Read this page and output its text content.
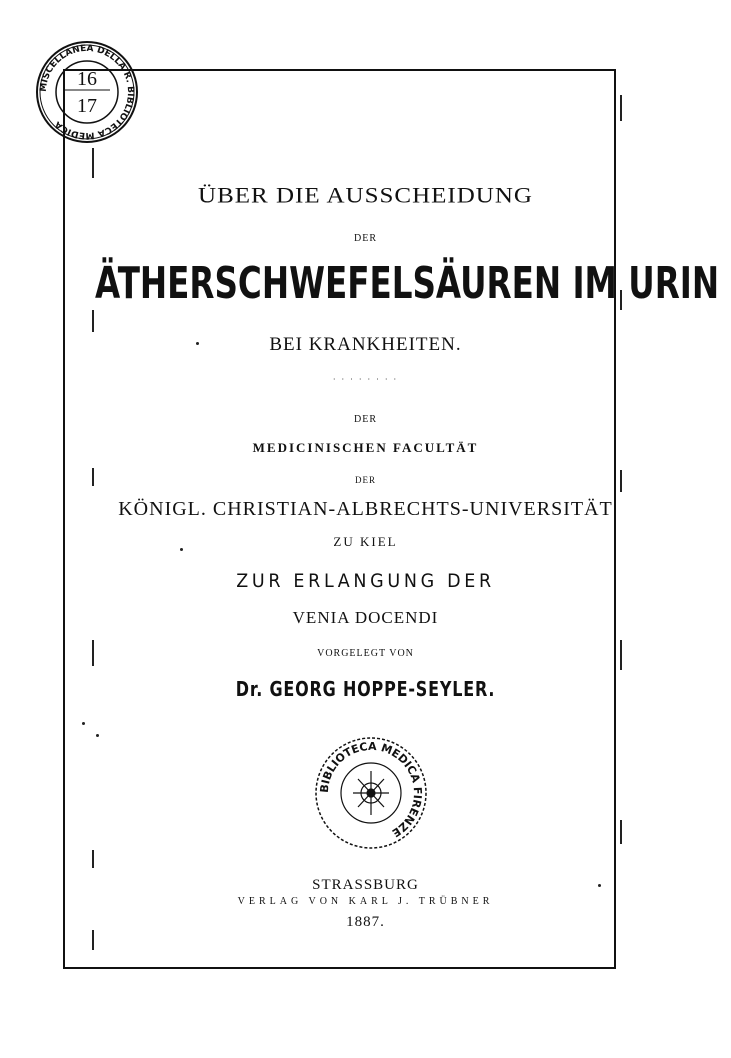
MISCELLANEA DELLA R. BIBLIOTECA MEDICA
16
17
ÜBER DIE AUSSCHEIDUNG
DER
ÄTHERSCHWEFELSÄUREN IM URIN
BEI KRANKHEITEN.
· · · · · · · ·
DER
MEDICINISCHEN FACULTÄT
DER
KÖNIGL. CHRISTIAN-ALBRECHTS-UNIVERSITÄT
ZU KIEL
ZUR ERLANGUNG DER
VENIA DOCENDI
VORGELEGT VON
Dr. GEORG HOPPE-SEYLER.
BIBLIOTECA MEDICA FIRENZE
STRASSBURG
VERLAG VON KARL J. TRÜBNER
1887.
